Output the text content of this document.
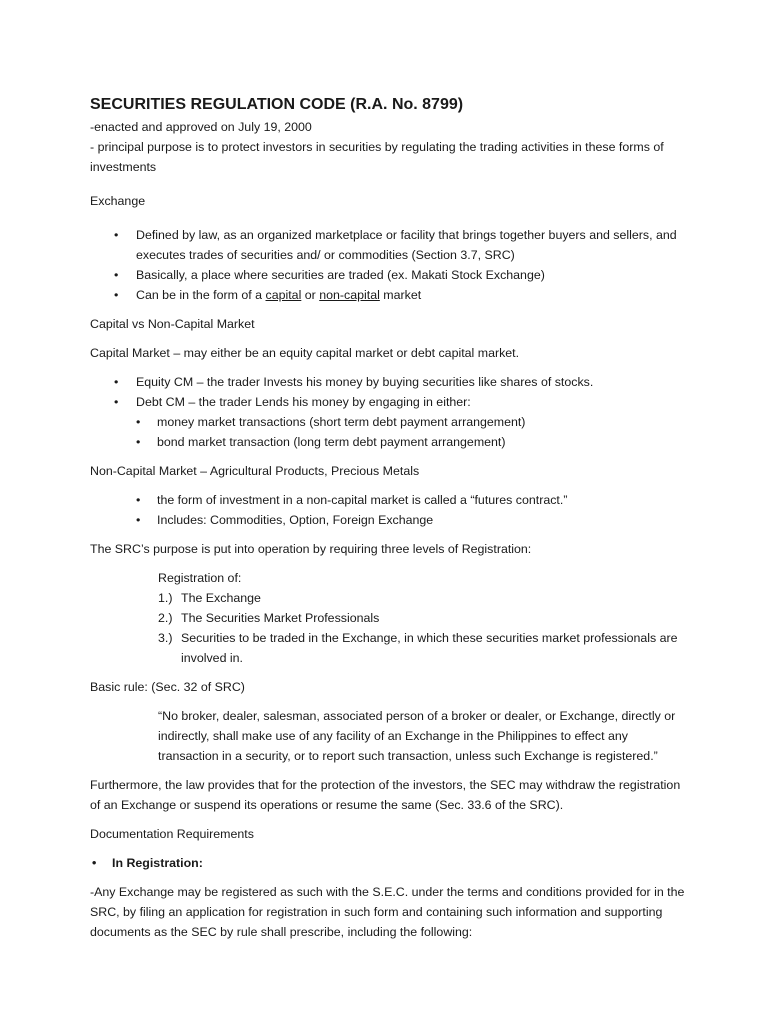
SECURITIES REGULATION CODE (R.A. No. 8799)

-enacted and approved on July 19, 2000

- principal purpose is to protect investors in securities by regulating the trading activities in these forms of investments

Exchange

• Defined by law, as an organized marketplace or facility that brings together buyers and sellers, and executes trades of securities and/ or commodities (Section 3.7, SRC)
• Basically, a place where securities are traded (ex. Makati Stock Exchange)
• Can be in the form of a capital or non-capital market

Capital vs Non-Capital Market

Capital Market – may either be an equity capital market or debt capital market.

• Equity CM – the trader Invests his money by buying securities like shares of stocks.
• Debt CM – the trader Lends his money by engaging in either:
• money market transactions (short term debt payment arrangement)
• bond market transaction (long term debt payment arrangement)

Non-Capital Market – Agricultural Products, Precious Metals

• the form of investment in a non-capital market is called a “futures contract.”
• Includes: Commodities, Option, Foreign Exchange

The SRC’s purpose is put into operation by requiring three levels of Registration:

Registration of:

1.) The Exchange
2.) The Securities Market Professionals
3.) Securities to be traded in the Exchange, in which these securities market professionals are involved in.

Basic rule: (Sec. 32 of SRC)

“No broker, dealer, salesman, associated person of a broker or dealer, or Exchange, directly or indirectly, shall make use of any facility of an Exchange in the Philippines to effect any transaction in a security, or to report such transaction, unless such Exchange is registered.”

Furthermore, the law provides that for the protection of the investors, the SEC may withdraw the registration of an Exchange or suspend its operations or resume the same (Sec. 33.6 of the SRC).

Documentation Requirements

• In Registration:

-Any Exchange may be registered as such with the S.E.C. under the terms and conditions provided for in the SRC, by filing an application for registration in such form and containing such information and supporting documents as the SEC by rule shall prescribe, including the following:
